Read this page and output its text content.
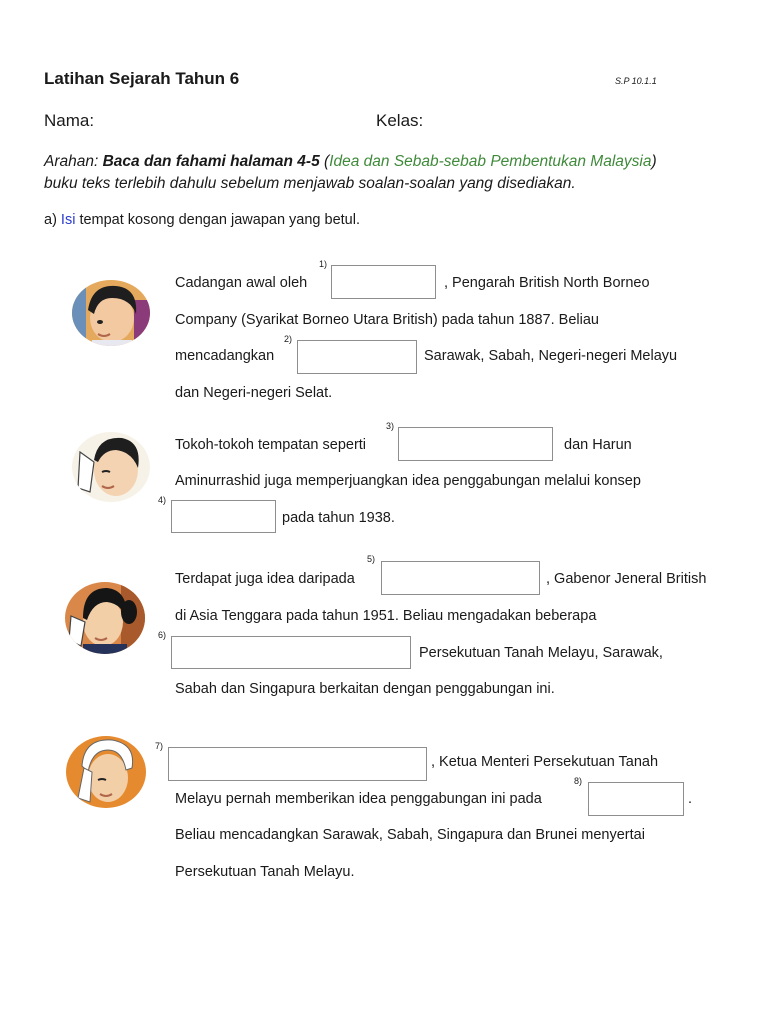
Latihan Sejarah Tahun 6	S.P 10.1.1
Nama:	Kelas:
Arahan: Baca dan fahami halaman 4-5 (Idea dan Sebab-sebab Pembentukan Malaysia)
buku teks terlebih dahulu sebelum menjawab soalan-soalan yang disediakan.
a) Isi tempat kosong dengan jawapan yang betul.
1)
Cadangan awal oleh	, Pengarah British North Borneo
Company (Syarikat Borneo Utara British) pada tahun 1887. Beliau
2)
mencadangkan	Sarawak, Sabah, Negeri-negeri Melayu
dan Negeri-negeri Selat.
3)
Tokoh-tokoh tempatan seperti	dan Harun
Aminurrashid juga memperjuangkan idea penggabungan melalui konsep
4)
pada tahun 1938.
5)
Terdapat juga idea daripada	, Gabenor Jeneral British
di Asia Tenggara pada tahun 1951. Beliau mengadakan beberapa
6)
Persekutuan Tanah Melayu, Sarawak,
Sabah dan Singapura berkaitan dengan penggabungan ini.
7)
, Ketua Menteri Persekutuan Tanah
8)
Melayu pernah memberikan idea penggabungan ini pada	.
Beliau mencadangkan Sarawak, Sabah, Singapura dan Brunei menyertai
Persekutuan Tanah Melayu.
